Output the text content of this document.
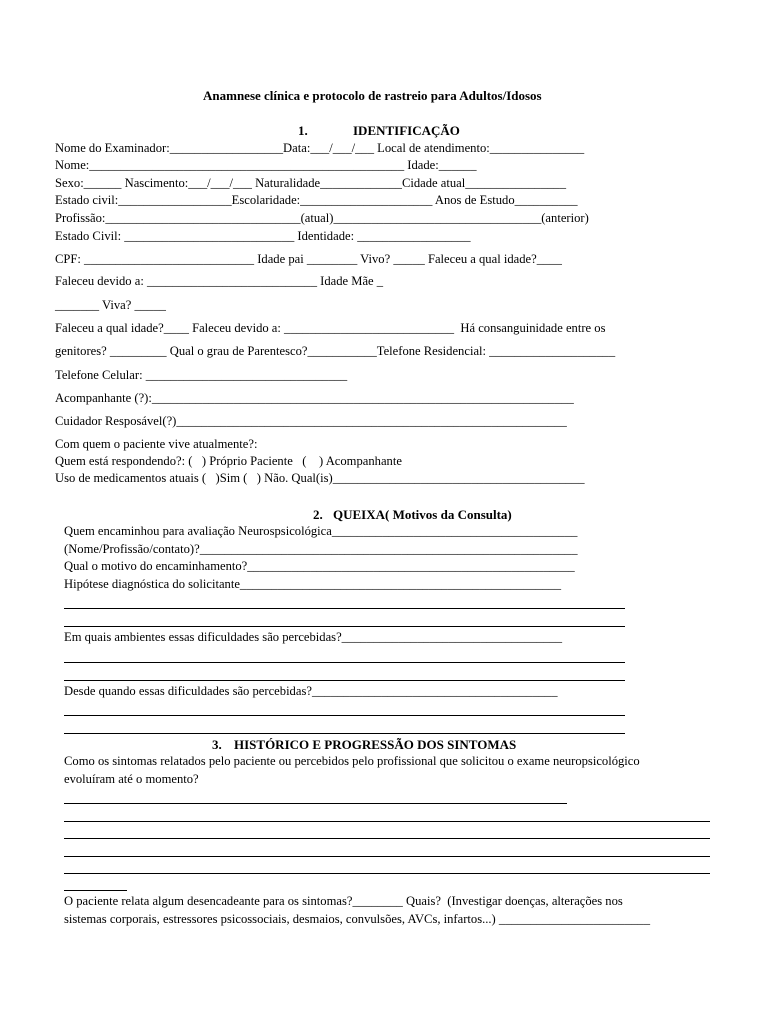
Anamnese clínica e protocolo de rastreio para Adultos/Idosos
1.	IDENTIFICAÇÃO
Nome do Examinador:__________________Data:___/___/___ Local de atendimento:_______________
Nome:__________________________________________________ Idade:______
Sexo:______ Nascimento:___/___/___ Naturalidade_____________Cidade atual________________
Estado civil:__________________Escolaridade:_____________________ Anos de Estudo__________
Profissão:_______________________________(atual)_________________________________(anterior)
Estado Civil: ___________________________ Identidade: __________________
CPF: ___________________________ Idade pai ________ Vivo? _____ Faleceu a qual idade?____
Faleceu devido a: ___________________________ Idade Mãe _
_______ Viva? _____
Faleceu a qual idade?____ Faleceu devido a: ___________________________  Há consanguinidade entre os
genitores? _________ Qual o grau de Parentesco?___________Telefone Residencial: ____________________
Telefone Celular: ________________________________
Acompanhante (?):___________________________________________________________________
Cuidador Resposável(?)______________________________________________________________
Com quem o paciente vive atualmente?:
Quem está respondendo?: (   ) Próprio Paciente   (    ) Acompanhante
Uso de medicamentos atuais (   )Sim (   ) Não. Qual(is)________________________________________
2. QUEIXA( Motivos da Consulta)
Quem encaminhou para avaliação Neurospsicológica_______________________________________
(Nome/Profissão/contato)?____________________________________________________________
Qual o motivo do encaminhamento?____________________________________________________
Hipótese diagnóstica do solicitante___________________________________________________
Em quais ambientes essas dificuldades são percebidas?___________________________________
Desde quando essas dificuldades são percebidas?_______________________________________
3. HISTÓRICO E PROGRESSÃO DOS SINTOMAS
Como os sintomas relatados pelo paciente ou percebidos pelo profissional que solicitou o exame neuropsicológico
evoluíram até o momento?
O paciente relata algum desencadeante para os sintomas?________ Quais?  (Investigar doenças, alterações nos
sistemas corporais, estressores psicossociais, desmaios, convulsões, AVCs, infartos...) ________________________
